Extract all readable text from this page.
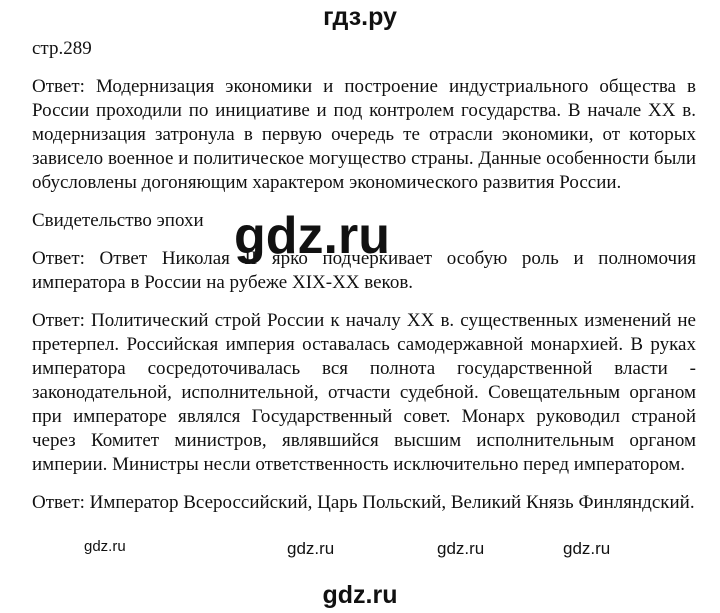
гдз.ру

стр.289

Ответ: Модернизация экономики и построение индустриального общества в России проходили по инициативе и под контролем государства. В начале XX в. модернизация затронула в первую очередь те отрасли экономики, от которых зависело военное и политическое могущество страны. Данные особенности были обусловлены догоняющим характером экономического развития России.

Свидетельство эпохи

Ответ: Ответ Николая II ярко подчеркивает особую роль и полномочия императора в России на рубеже XIX-XX веков.

Ответ: Политический строй России к началу XX в. существенных изменений не претерпел. Российская империя оставалась самодержавной монархией. В руках императора сосредоточивалась вся полнота государственной власти - законодательной, исполнительной, отчасти судебной. Совещательным органом при императоре являлся Государственный совет. Монарх руководил страной через Комитет министров, являвшийся высшим исполнительным органом империи. Министры несли ответственность исключительно перед императором.

Ответ: Император Всероссийский, Царь Польский, Великий Князь Финляндский.

gdz.ru
gdz.ru	gdz.ru	gdz.ru	gdz.ru
gdz.ru
